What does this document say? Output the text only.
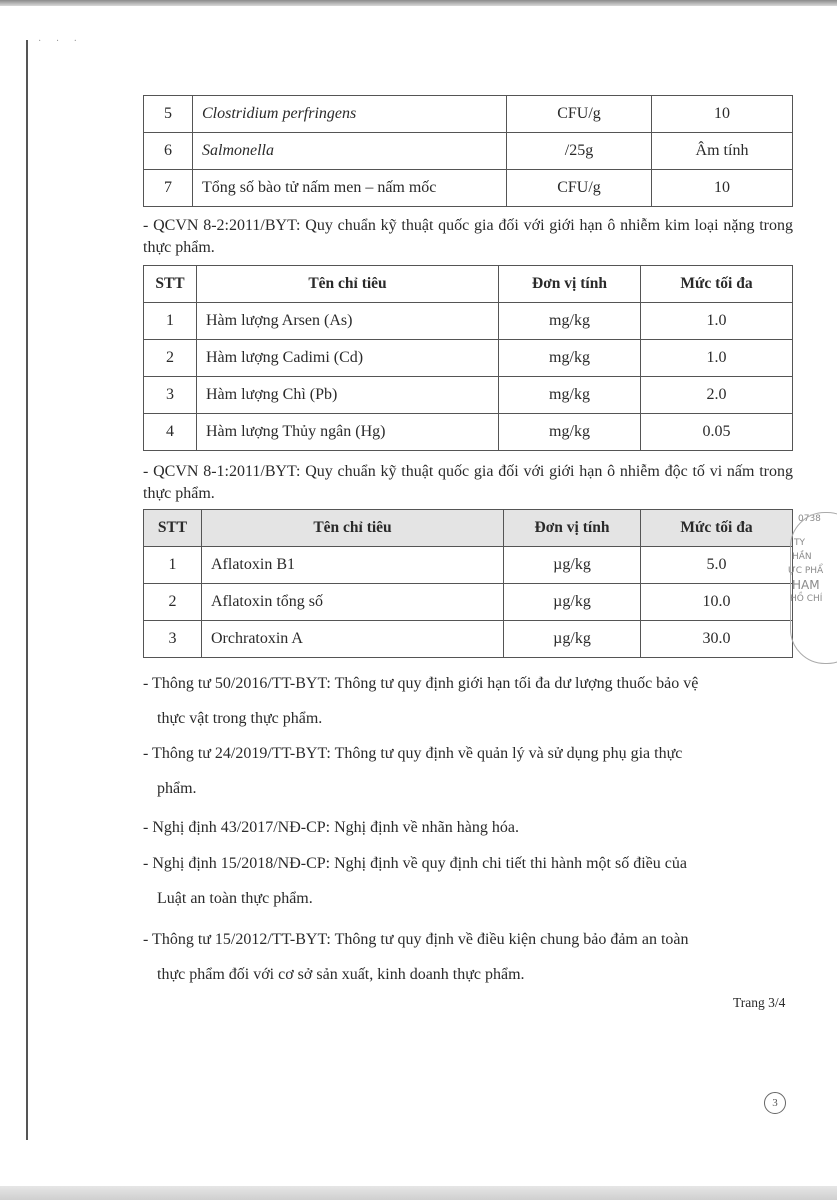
· · ·
5	Clostridium perfringens	CFU/g	10
6	Salmonella	/25g	Âm tính
7	Tổng số bào tử nấm men – nấm mốc	CFU/g	10
- QCVN 8-2:2011/BYT: Quy chuẩn kỹ thuật quốc gia đối với giới hạn ô nhiễm kim loại nặng trong thực phẩm.
STT	Tên chỉ tiêu	Đơn vị tính	Mức tối đa
1	Hàm lượng Arsen (As)	mg/kg	1.0
2	Hàm lượng Cadimi (Cd)	mg/kg	1.0
3	Hàm lượng Chì (Pb)	mg/kg	2.0
4	Hàm lượng Thủy ngân (Hg)	mg/kg	0.05
- QCVN 8-1:2011/BYT: Quy chuẩn kỹ thuật quốc gia đối với giới hạn ô nhiễm độc tố vi nấm trong thực phẩm.
STT	Tên chỉ tiêu	Đơn vị tính	Mức tối đa
1	Aflatoxin B1	µg/kg	5.0
2	Aflatoxin tổng số	µg/kg	10.0
3	Orchratoxin A	µg/kg	30.0
0738
TY
HẦN
ỰC PHẨ
HAM
HỒ CHÍ
- Thông tư 50/2016/TT-BYT: Thông tư quy định giới hạn tối đa dư lượng thuốc bảo vệ
thực vật trong thực phẩm.
- Thông tư 24/2019/TT-BYT: Thông tư quy định về quản lý và sử dụng phụ gia thực
phẩm.
- Nghị định 43/2017/NĐ-CP: Nghị định về nhãn hàng hóa.
- Nghị định 15/2018/NĐ-CP: Nghị định về quy định chi tiết thi hành một số điều của
Luật an toàn thực phẩm.
- Thông tư 15/2012/TT-BYT: Thông tư quy định về điều kiện chung bảo đảm an toàn
thực phẩm đối với cơ sở sản xuất, kinh doanh thực phẩm.
Trang 3/4
3
